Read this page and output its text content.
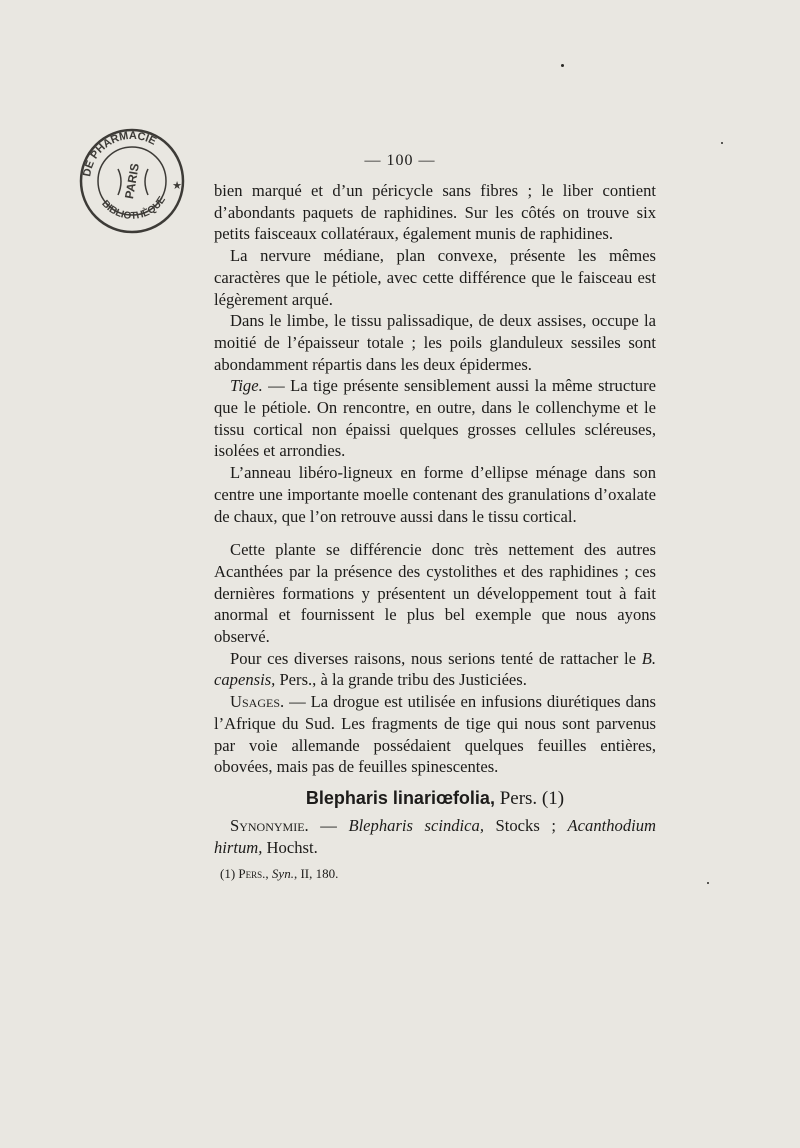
DE PHARMACIE
BIBLIOTHÈQUE
PARIS	★
— 100 —

bien marqué et d’un péricycle sans fibres ; le liber contient d’abondants paquets de raphidines. Sur les côtés on trouve six petits faisceaux collatéraux, également munis de raphidines.

La nervure médiane, plan convexe, présente les mêmes caractères que le pétiole, avec cette différence que le faisceau est légèrement arqué.

Dans le limbe, le tissu palissadique, de deux assises, occupe la moitié de l’épaisseur totale ; les poils glanduleux sessiles sont abondamment répartis dans les deux épidermes.

Tige. — La tige présente sensiblement aussi la même structure que le pétiole. On rencontre, en outre, dans le collenchyme et le tissu cortical non épaissi quelques grosses cellules scléreuses, isolées et arrondies.

L’anneau libéro-ligneux en forme d’ellipse ménage dans son centre une importante moelle contenant des granulations d’oxalate de chaux, que l’on retrouve aussi dans le tissu cortical.

Cette plante se différencie donc très nettement des autres Acanthées par la présence des cystolithes et des raphidines ; ces dernières formations y présentent un développement tout à fait anormal et fournissent le plus bel exemple que nous ayons observé.

Pour ces diverses raisons, nous serions tenté de rattacher le B. capensis, Pers., à la grande tribu des Justiciées.

Usages. — La drogue est utilisée en infusions diurétiques dans l’Afrique du Sud. Les fragments de tige qui nous sont parvenus par voie allemande possédaient quelques feuilles entières, obovées, mais pas de feuilles spinescentes.

Blepharis linariœfolia, Pers. (1)

Synonymie. — Blepharis scindica, Stocks ; Acanthodium hirtum, Hochst.

(1) Pers., Syn., II, 180.
